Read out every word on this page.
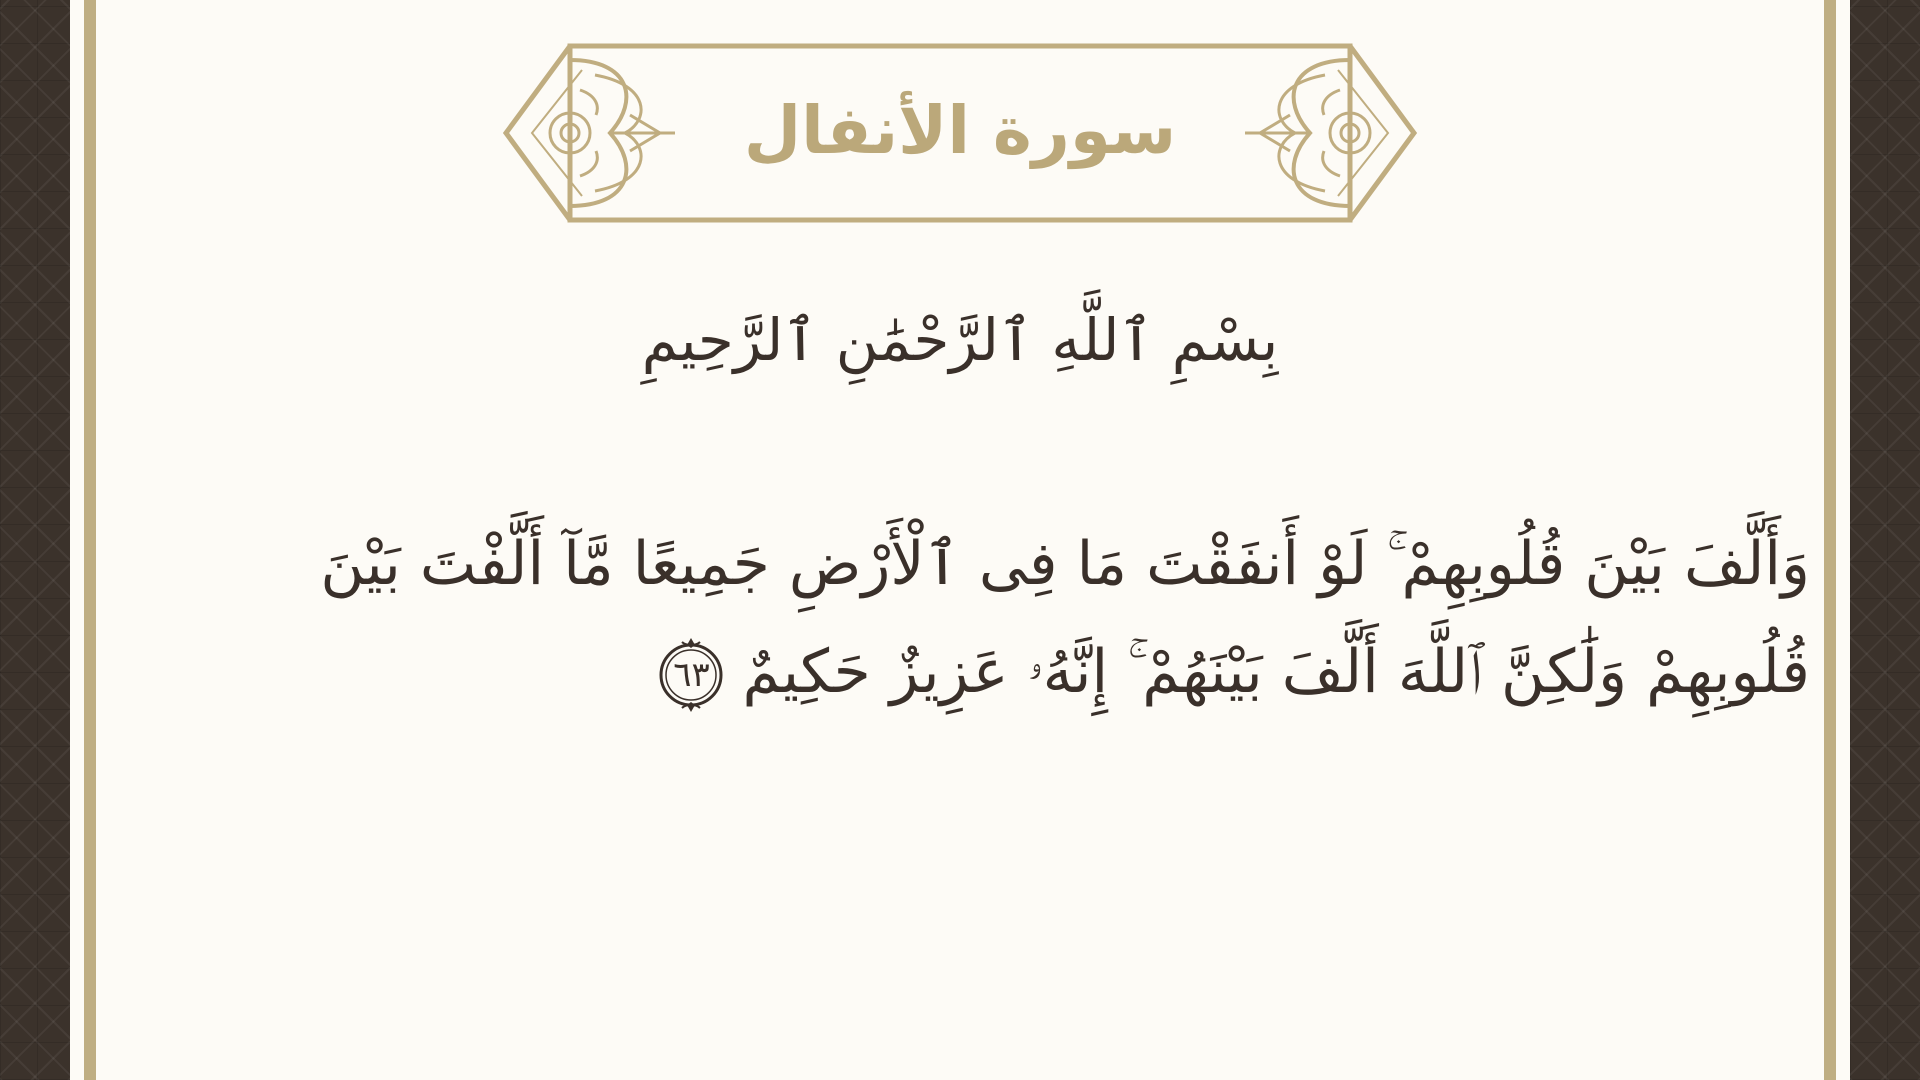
سورة الأنفال
بِسْمِ ٱللَّهِ ٱلرَّحْمَٰنِ ٱلرَّحِيمِ
وَأَلَّفَ بَيْنَ قُلُوبِهِمْ ۚ لَوْ أَنفَقْتَ مَا فِى ٱلْأَرْضِ جَمِيعًا مَّآ أَلَّفْتَ بَيْنَ
قُلُوبِهِمْ وَلَٰكِنَّ ٱللَّهَ أَلَّفَ بَيْنَهُمْ ۚ إِنَّهُۥ عَزِيزٌ حَكِيمٌ
٦٣
